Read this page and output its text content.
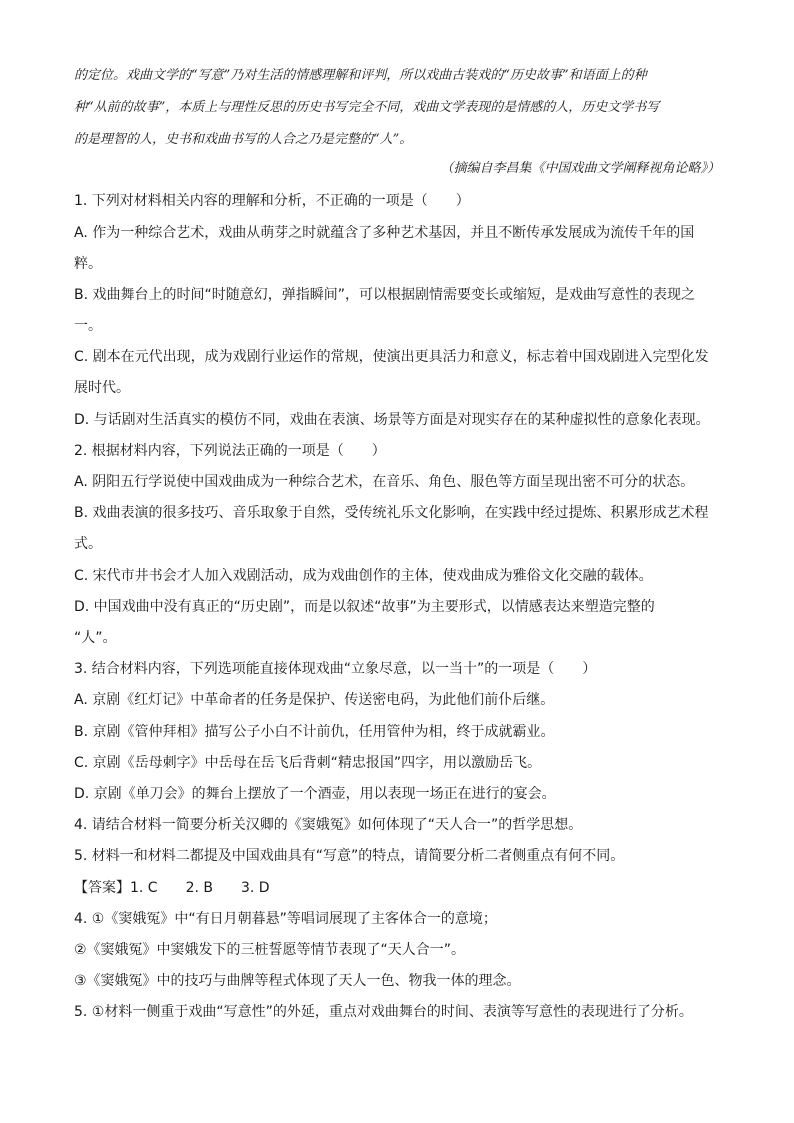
的定位。戏曲文学的“写意”乃对生活的情感理解和评判，所以戏曲古装戏的“历史故事”和语面上的种

种“从前的故事”，本质上与理性反思的历史书写完全不同，戏曲文学表现的是情感的人，历史文学书写

的是理智的人，史书和戏曲书写的人合之乃是完整的“人”。

（摘编自李昌集《中国戏曲文学阐释视角论略》）
1. 下列对材料相关内容的理解和分析，不正确的一项是（　　）
A. 作为一种综合艺术，戏曲从萌芽之时就蕴含了多种艺术基因，并且不断传承发展成为流传千年的国
粹。
B. 戏曲舞台上的时间“时随意幻，弹指瞬间”，可以根据剧情需要变长或缩短，是戏曲写意性的表现之
一。
C. 剧本在元代出现，成为戏剧行业运作的常规，使演出更具活力和意义，标志着中国戏剧进入完型化发
展时代。
D. 与话剧对生活真实的模仿不同，戏曲在表演、场景等方面是对现实存在的某种虚拟性的意象化表现。
2. 根据材料内容，下列说法正确的一项是（　　）
A. 阴阳五行学说使中国戏曲成为一种综合艺术，在音乐、角色、服色等方面呈现出密不可分的状态。
B. 戏曲表演的很多技巧、音乐取象于自然，受传统礼乐文化影响，在实践中经过提炼、积累形成艺术程
式。
C. 宋代市井书会才人加入戏剧活动，成为戏曲创作的主体，使戏曲成为雅俗文化交融的载体。
D. 中国戏曲中没有真正的“历史剧”，而是以叙述“故事”为主要形式，以情感表达来塑造完整的
“人”。
3. 结合材料内容，下列选项能直接体现戏曲“立象尽意，以一当十”的一项是（　　）
A. 京剧《红灯记》中革命者的任务是保护、传送密电码，为此他们前仆后继。
B. 京剧《管仲拜相》描写公子小白不计前仇，任用管仲为相，终于成就霸业。
C. 京剧《岳母刺字》中岳母在岳飞后背刺“精忠报国”四字，用以激励岳飞。
D. 京剧《单刀会》的舞台上摆放了一个酒壶，用以表现一场正在进行的宴会。
4. 请结合材料一简要分析关汉卿的《窦娥冤》如何体现了“天人合一”的哲学思想。
5. 材料一和材料二都提及中国戏曲具有“写意”的特点，请简要分析二者侧重点有何不同。
【答案】1. C　　2. B　　3. D
4. ①《窦娥冤》中“有日月朝暮悬”等唱词展现了主客体合一的意境；
②《窦娥冤》中窦娥发下的三桩誓愿等情节表现了“天人合一”。
③《窦娥冤》中的技巧与曲牌等程式体现了天人一色、物我一体的理念。
5. ①材料一侧重于戏曲“写意性”的外延，重点对戏曲舞台的时间、表演等写意性的表现进行了分析。
